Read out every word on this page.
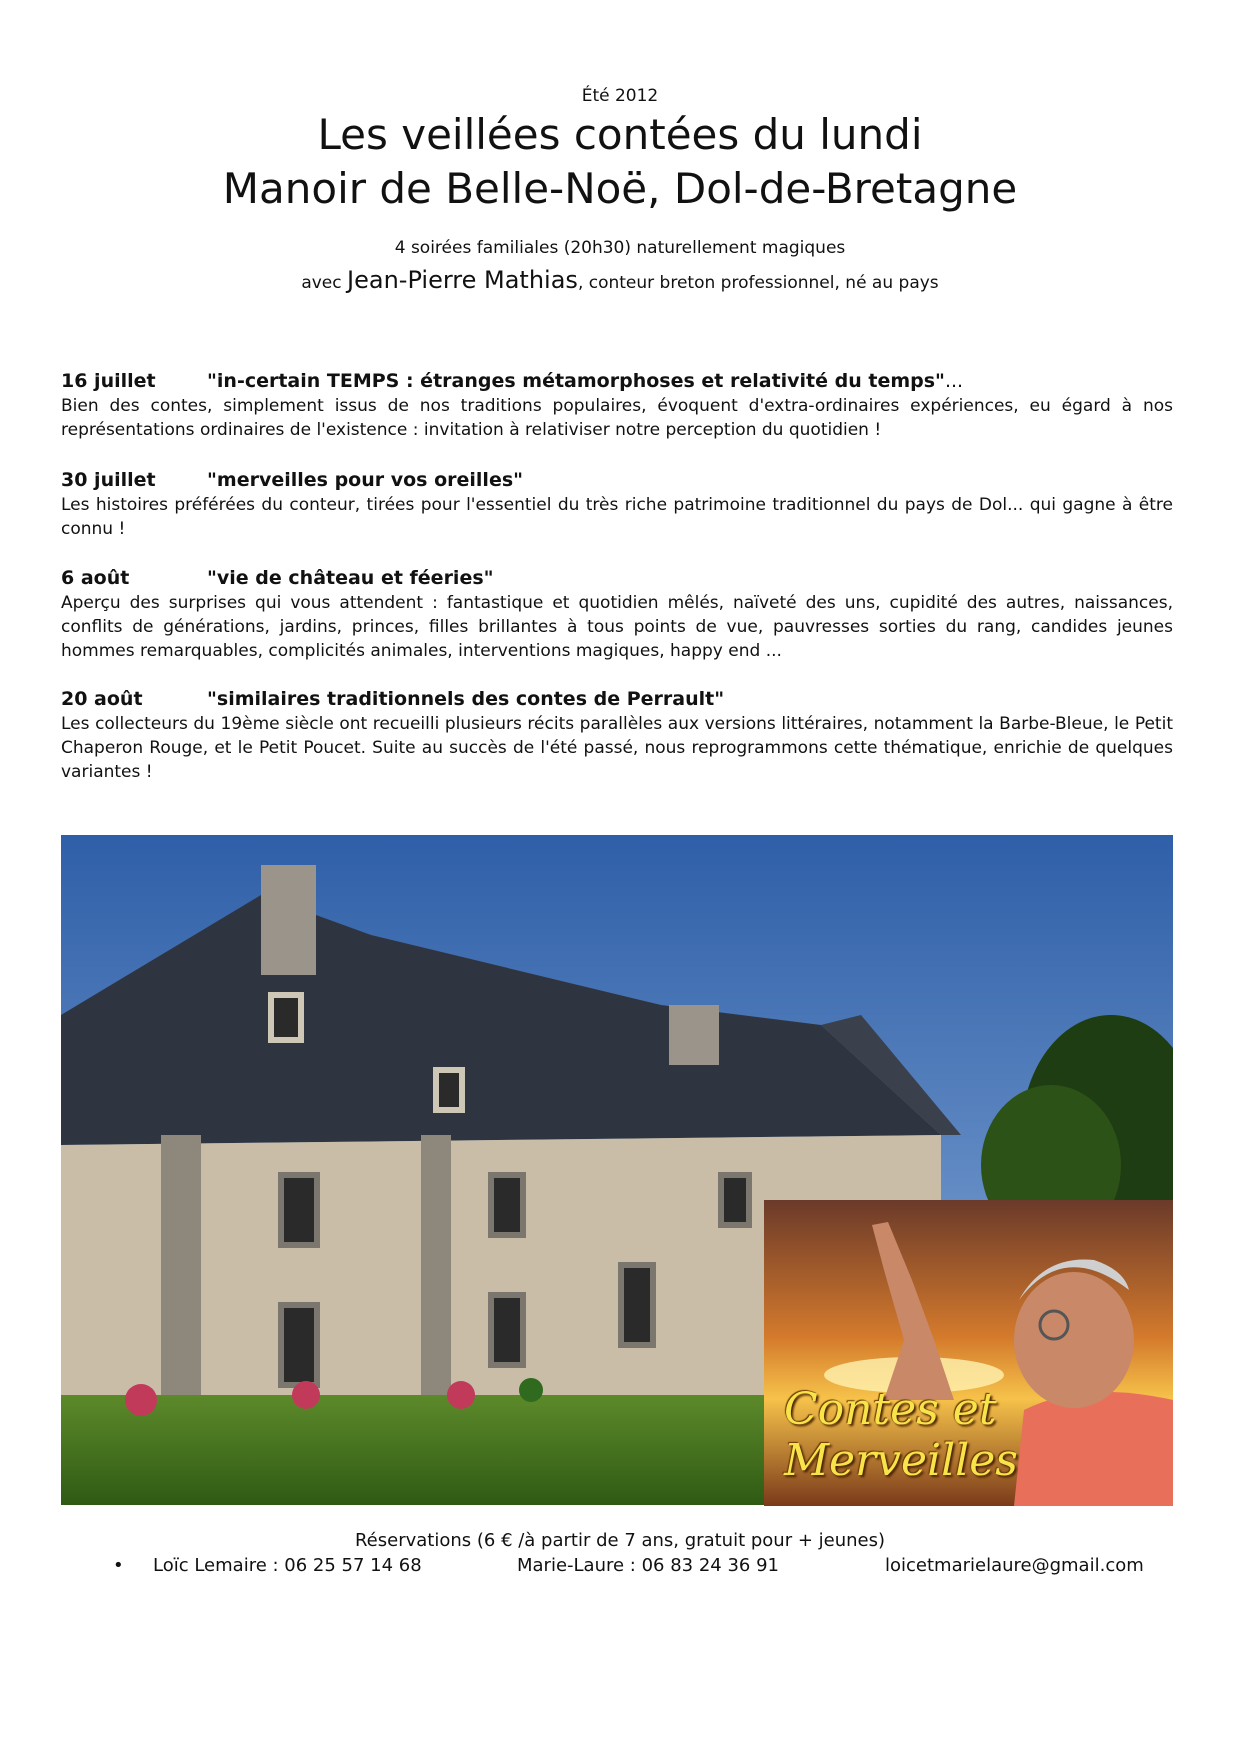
Été 2012
Les veillées contées du lundi
Manoir de Belle-Noë, Dol-de-Bretagne
4 soirées familiales (20h30) naturellement magiques
avec Jean-Pierre Mathias, conteur breton professionnel, né au pays
16 juillet	"in-certain TEMPS : étranges métamorphoses et relativité du temps"...
Bien des contes, simplement issus de nos traditions populaires, évoquent d'extra-ordinaires expériences, eu égard à nos représentations ordinaires de l'existence : invitation à relativiser notre perception du quotidien !
30 juillet	"merveilles pour vos oreilles"
Les histoires préférées du conteur, tirées pour l'essentiel du très riche patrimoine traditionnel du pays de Dol... qui gagne à être connu !
6 août	"vie de château et féeries"
Aperçu des surprises qui vous attendent : fantastique et quotidien mêlés, naïveté des uns, cupidité des autres, naissances, conflits de générations, jardins, princes, filles brillantes à tous points de vue, pauvresses sorties du rang, candides jeunes hommes remarquables, complicités animales, interventions magiques, happy end ...
20 août	"similaires traditionnels des contes de Perrault"
Les collecteurs du 19ème siècle ont recueilli plusieurs récits parallèles aux versions littéraires, notamment la Barbe-Bleue, le Petit Chaperon Rouge, et le Petit Poucet. Suite au succès de l'été passé, nous reprogrammons cette thématique, enrichie de quelques variantes !
Contes et Merveilles
Réservations (6 € /à partir de 7 ans, gratuit pour + jeunes)
• Loïc Lemaire : 06 25 57 14 68	Marie-Laure : 06 83 24 36 91	loicetmarielaure@gmail.com
